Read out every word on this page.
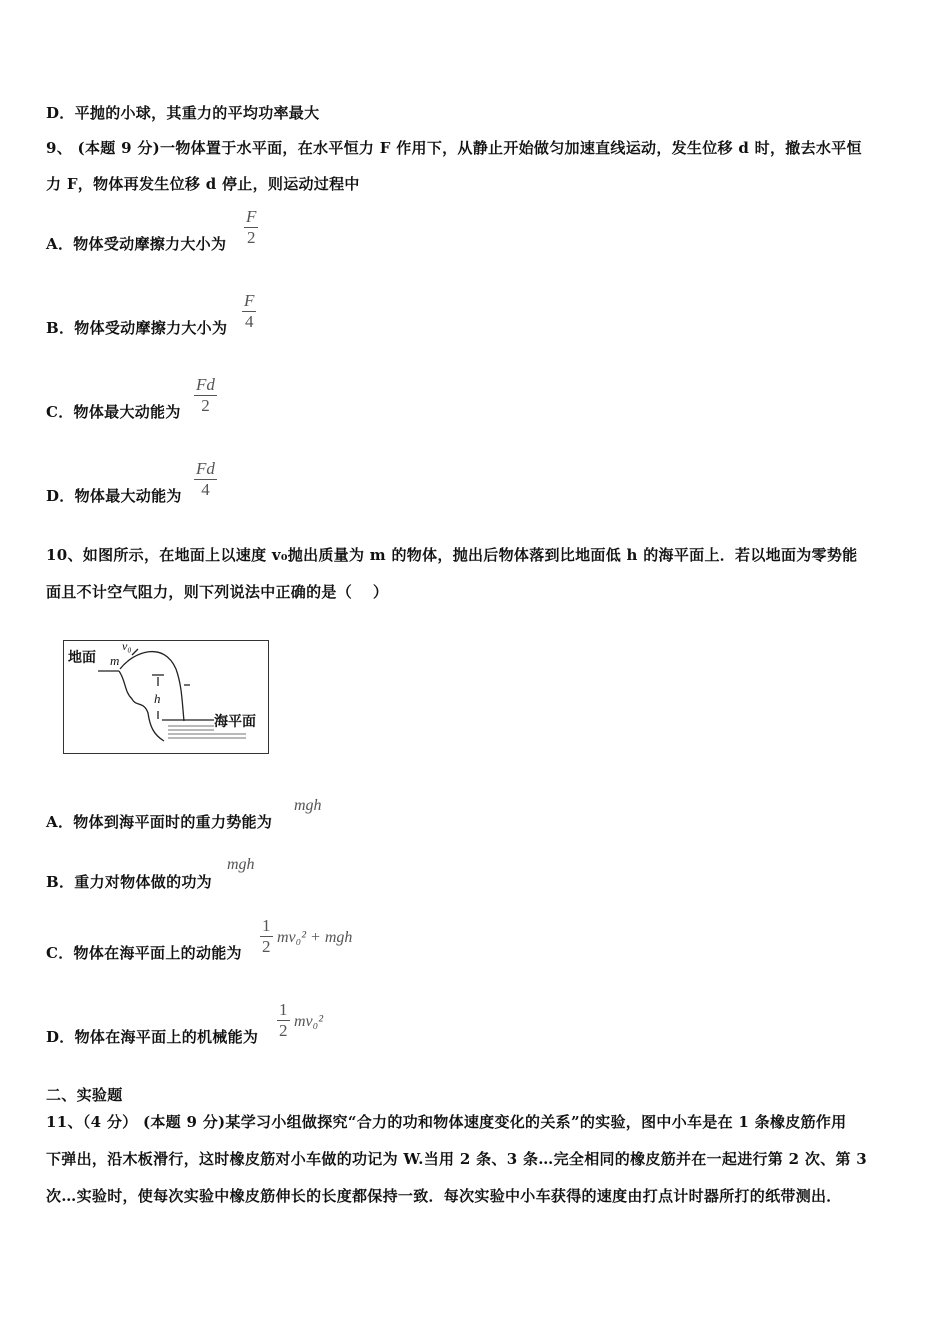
D．平抛的小球，其重力的平均功率最大
9、 (本题 9 分)一物体置于水平面，在水平恒力 F 作用下，从静止开始做匀加速直线运动，发生位移 d 时，撤去水平恒
力 F，物体再发生位移 d 停止，则运动过程中
A．物体受动摩擦力大小为 $\frac{F}{2}$
B．物体受动摩擦力大小为 $\frac{F}{4}$
C．物体最大动能为 $\frac{Fd}{2}$
D．物体最大动能为 $\frac{Fd}{4}$
10、如图所示，在地面上以速度 v₀抛出质量为 m 的物体，抛出后物体落到比地面低 h 的海平面上．若以地面为零势能
面且不计空气阻力，则下列说法中正确的是（　 ）
地面 m
v₀
h
海平面
A．物体到海平面时的重力势能为
mgh
B．重力对物体做的功为
mgh
C．物体在海平面上的动能为 $\frac{1}{2} mv_0^2$ + mgh
D．物体在海平面上的机械能为 $\frac{1}{2} mv_0^2$
二、实验题
11、（4 分） (本题 9 分)某学习小组做探究“合力的功和物体速度变化的关系”的实验，图中小车是在 1 条橡皮筋作用
下弹出，沿木板滑行，这时橡皮筋对小车做的功记为 W.当用 2 条、3 条…完全相同的橡皮筋并在一起进行第 2 次、第 3
次…实验时，使每次实验中橡皮筋伸长的长度都保持一致．每次实验中小车获得的速度由打点计时器所打的纸带测出．
